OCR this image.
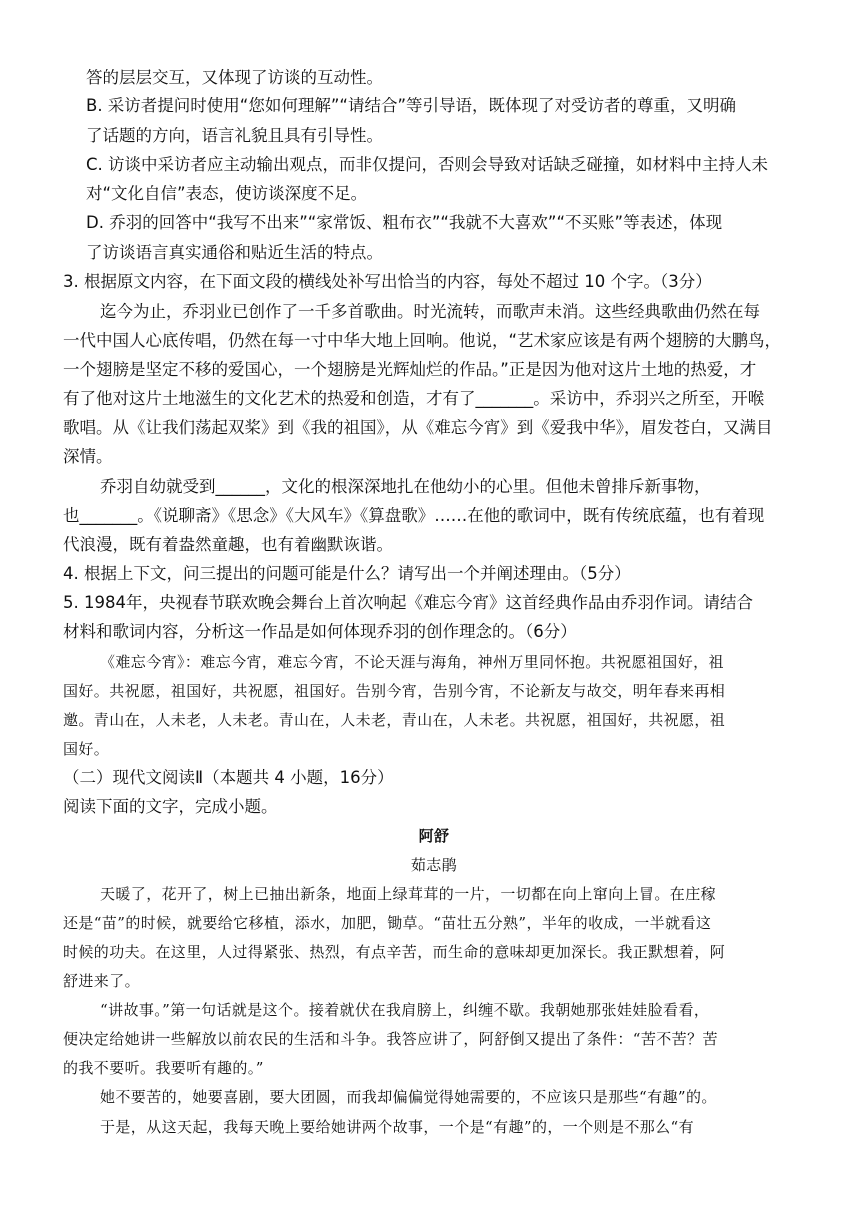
答的层层交互，又体现了访谈的互动性。
B. 采访者提问时使用“您如何理解”“请结合”等引导语，既体现了对受访者的尊重，又明确
了话题的方向，语言礼貌且具有引导性。
C. 访谈中采访者应主动输出观点，而非仅提问，否则会导致对话缺乏碰撞，如材料中主持人未
对“文化自信”表态，使访谈深度不足。
D. 乔羽的回答中“我写不出来”“家常饭、粗布衣”“我就不大喜欢”“不买账”等表述，体现
了访谈语言真实通俗和贴近生活的特点。
3. 根据原文内容，在下面文段的横线处补写出恰当的内容，每处不超过 10 个字。（3分）
迄今为止，乔羽业已创作了一千多首歌曲。时光流转，而歌声未消。这些经典歌曲仍然在每
一代中国人心底传唱，仍然在每一寸中华大地上回响。他说，“艺术家应该是有两个翅膀的大鹏鸟，
一个翅膀是坚定不移的爱国心，一个翅膀是光辉灿烂的作品。”正是因为他对这片土地的热爱，才
有了他对这片土地滋生的文化艺术的热爱和创造，才有了_______。采访中，乔羽兴之所至，开喉
歌唱。从《让我们荡起双桨》到《我的祖国》，从《难忘今宵》到《爱我中华》，眉发苍白，又满目
深情。
乔羽自幼就受到______，文化的根深深地扎在他幼小的心里。但他未曾排斥新事物，
也_______。《说聊斋》《思念》《大风车》《算盘歌》……在他的歌词中，既有传统底蕴，也有着现
代浪漫，既有着盎然童趣，也有着幽默诙谐。
4. 根据上下文，问三提出的问题可能是什么？请写出一个并阐述理由。（5分）
5. 1984年，央视春节联欢晚会舞台上首次响起《难忘今宵》这首经典作品由乔羽作词。请结合
材料和歌词内容，分析这一作品是如何体现乔羽的创作理念的。（6分）
《难忘今宵》：难忘今宵，难忘今宵，不论天涯与海角，神州万里同怀抱。共祝愿祖国好，祖
国好。共祝愿，祖国好，共祝愿，祖国好。告别今宵，告别今宵，不论新友与故交，明年春来再相
邀。青山在，人未老，人未老。青山在，人未老，青山在，人未老。共祝愿，祖国好，共祝愿，祖
国好。
（二）现代文阅读Ⅱ（本题共 4 小题，16分）
阅读下面的文字，完成小题。
阿舒
茹志鹃
天暖了，花开了，树上已抽出新条，地面上绿茸茸的一片，一切都在向上窜向上冒。在庄稼
还是“苗”的时候，就要给它移植，添水，加肥，锄草。“苗壮五分熟”，半年的收成，一半就看这
时候的功夫。在这里，人过得紧张、热烈，有点辛苦，而生命的意味却更加深长。我正默想着，阿
舒进来了。
“讲故事。”第一句话就是这个。接着就伏在我肩膀上，纠缠不歇。我朝她那张娃娃脸看看，
便决定给她讲一些解放以前农民的生活和斗争。我答应讲了，阿舒倒又提出了条件：“苦不苦？苦
的我不要听。我要听有趣的。”
她不要苦的，她要喜剧，要大团圆，而我却偏偏觉得她需要的，不应该只是那些“有趣”的。
于是，从这天起，我每天晚上要给她讲两个故事，一个是“有趣”的，一个则是不那么“有
